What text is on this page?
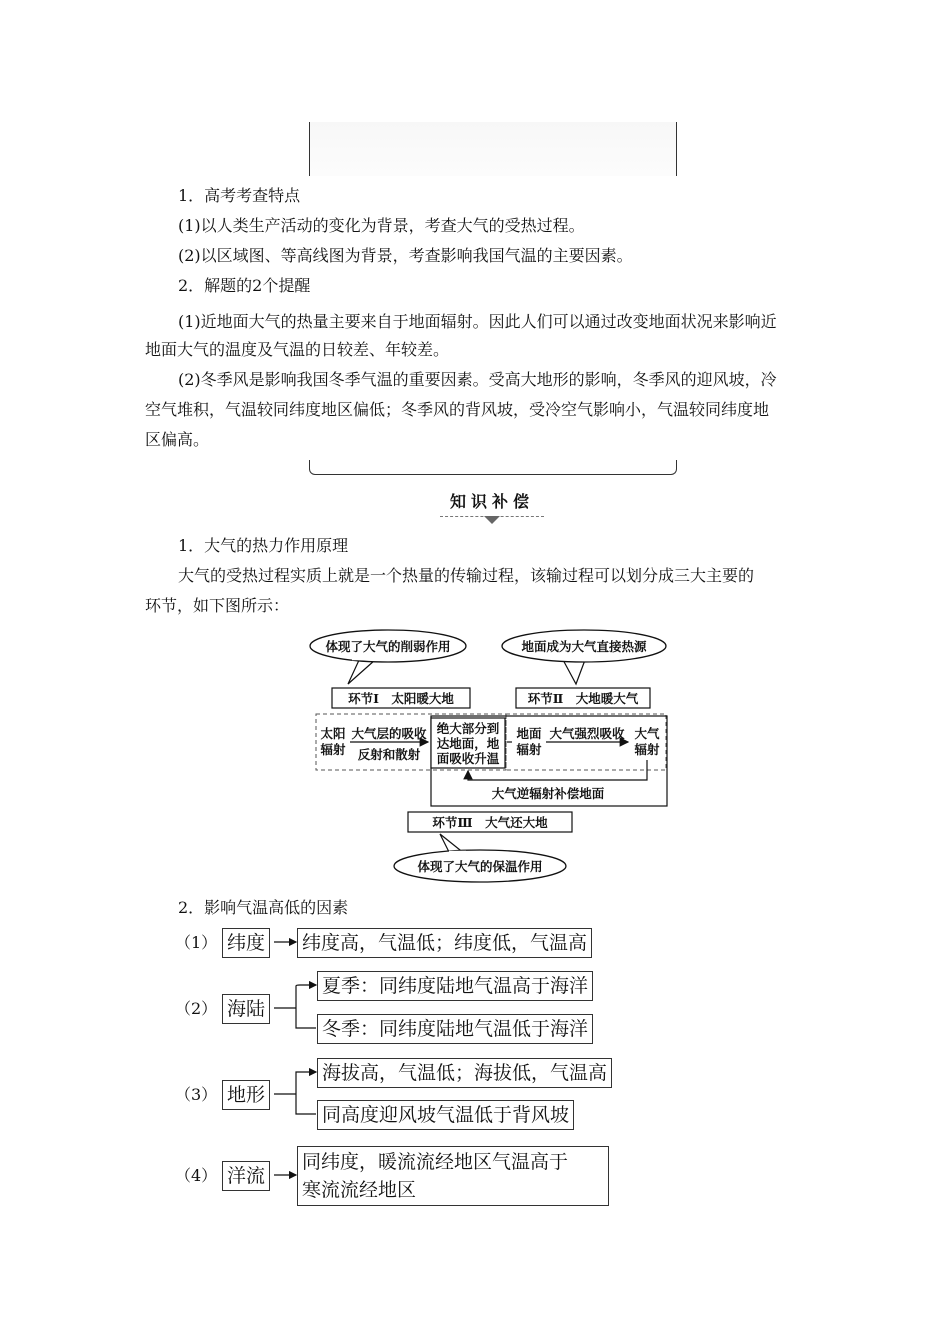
1．高考考查特点
(1)以人类生产活动的变化为背景，考查大气的受热过程。
(2)以区域图、等高线图为背景，考查影响我国气温的主要因素。
2．解题的2个提醒
(1)近地面大气的热量主要来自于地面辐射。因此人们可以通过改变地面状况来影响近
地面大气的温度及气温的日较差、年较差。
(2)冬季风是影响我国冬季气温的重要因素。受高大地形的影响，冬季风的迎风坡，冷
空气堆积，气温较同纬度地区偏低；冬季风的背风坡，受冷空气影响小，气温较同纬度地
区偏高。
知识补偿
1．大气的热力作用原理
大气的受热过程实质上就是一个热量的传输过程，该输过程可以划分成三大主要的
环节，如下图所示：
体现了大气的削弱作用	地面成为大气直接热源
环节Ⅰ　太阳暖大地	环节Ⅱ　大地暖大气
绝大部分到
达地面，地
面吸收升温
太阳
辐射
大气层的吸收
反射和散射
地面
辐射
大气强烈吸收 大气
辐射
大气逆辐射补偿地面
环节Ⅲ　大气还大地
体现了大气的保温作用
2．影响气温高低的因素
（1） 纬度 纬度高，气温低；纬度低，气温高
（2） 海陆
夏季：同纬度陆地气温高于海洋
冬季：同纬度陆地气温低于海洋
（3） 地形
海拔高，气温低；海拔低，气温高
同高度迎风坡气温低于背风坡
（4） 洋流
同纬度，暖流流经地区气温高于
寒流流经地区
